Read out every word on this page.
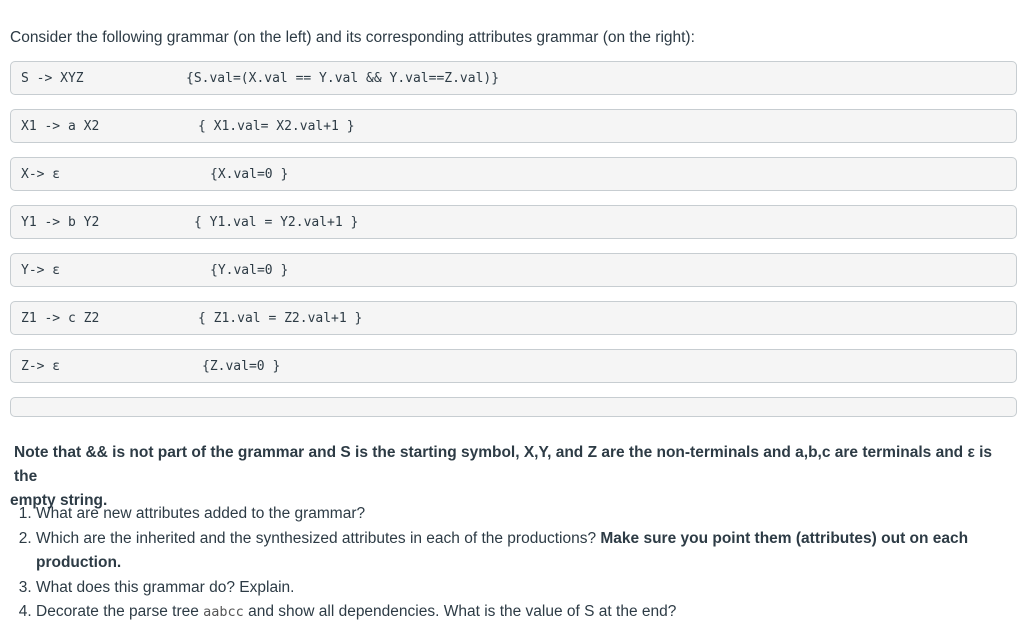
Consider the following grammar (on the left) and its corresponding attributes grammar (on the right):
S -> XYZ	{S.val=(X.val == Y.val && Y.val==Z.val)}
X1 -> a X2	{ X1.val= X2.val+1 }
X-> ε	{X.val=0 }
Y1 -> b Y2	{ Y1.val = Y2.val+1 }
Y-> ε	{Y.val=0 }
Z1 -> c Z2	{ Z1.val = Z2.val+1 }
Z-> ε	{Z.val=0 }
Note that && is not part of the grammar and S is the starting symbol, X,Y, and Z are the non-terminals and a,b,c are terminals and ε is the
empty string.
1. What are new attributes added to the grammar?
2. Which are the inherited and the synthesized attributes in each of the productions? Make sure you point them (attributes) out on each production.
3. What does this grammar do? Explain.
4. Decorate the parse tree aabcc and show all dependencies. What is the value of S at the end?
